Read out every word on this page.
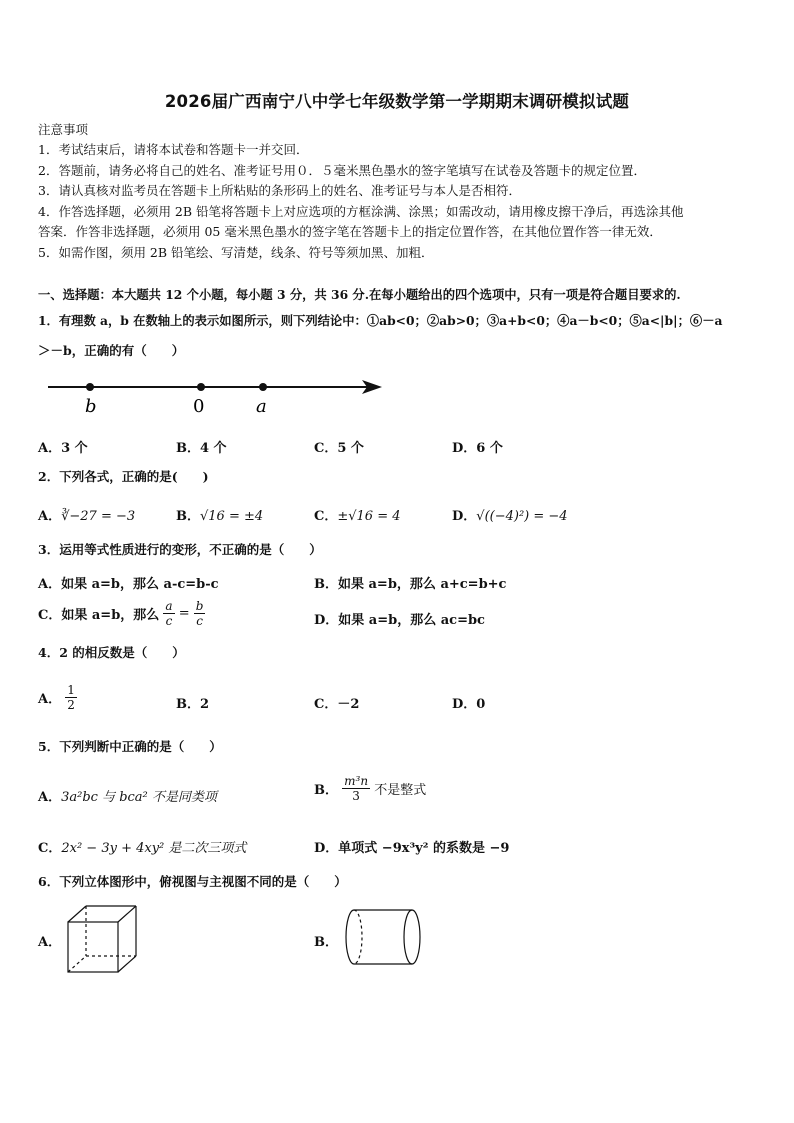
2026届广西南宁八中学七年级数学第一学期期末调研模拟试题
注意事项
1．考试结束后，请将本试卷和答题卡一并交回．
2．答题前，请务必将自己的姓名、准考证号用０．５毫米黑色墨水的签字笔填写在试卷及答题卡的规定位置．
3．请认真核对监考员在答题卡上所粘贴的条形码上的姓名、准考证号与本人是否相符．
4．作答选择题，必须用 2B 铅笔将答题卡上对应选项的方框涂满、涂黑；如需改动，请用橡皮擦干净后，再选涂其他
答案．作答非选择题，必须用 05 毫米黑色墨水的签字笔在答题卡上的指定位置作答，在其他位置作答一律无效．
5．如需作图，须用 2B 铅笔绘、写清楚，线条、符号等须加黑、加粗．
一、选择题：本大题共 12 个小题，每小题 3 分，共 36 分.在每小题给出的四个选项中，只有一项是符合题目要求的.
1．有理数 a，b 在数轴上的表示如图所示，则下列结论中：①ab<0；②ab>0；③a+b<0；④a－b<0；⑤a<|b|；⑥－a
＞－b，正确的有（　　）
b	0	a
A．3 个	B．4 个	C．5 个	D．6 个
2．下列各式，正确的是(　　)
A．∛−27 = −3	B．√16 = ±4	C．±√16 = 4	D．√((−4)²) = −4
3．运用等式性质进行的变形，不正确的是（　　）
A．如果 a=b，那么 a-c=b-c	B．如果 a=b，那么 a+c=b+c
C．如果 a=b，那么 $\frac{a}{c} = \frac{b}{c}$	D．如果 a=b，那么 ac=bc
4．2 的相反数是（　　）
A． $\frac{1}{2}$	B．2	C．－2	D．0
5．下列判断中正确的是（　　）
A．3a²bc 与 bca² 不是同类项	B． $\frac{\text{m³n}}{3}$ 不是整式
C．2x² − 3y + 4xy² 是二次三项式	D．单项式 −9x³y² 的系数是 −9
6．下列立体图形中，俯视图与主视图不同的是（　　）
A．	B．
